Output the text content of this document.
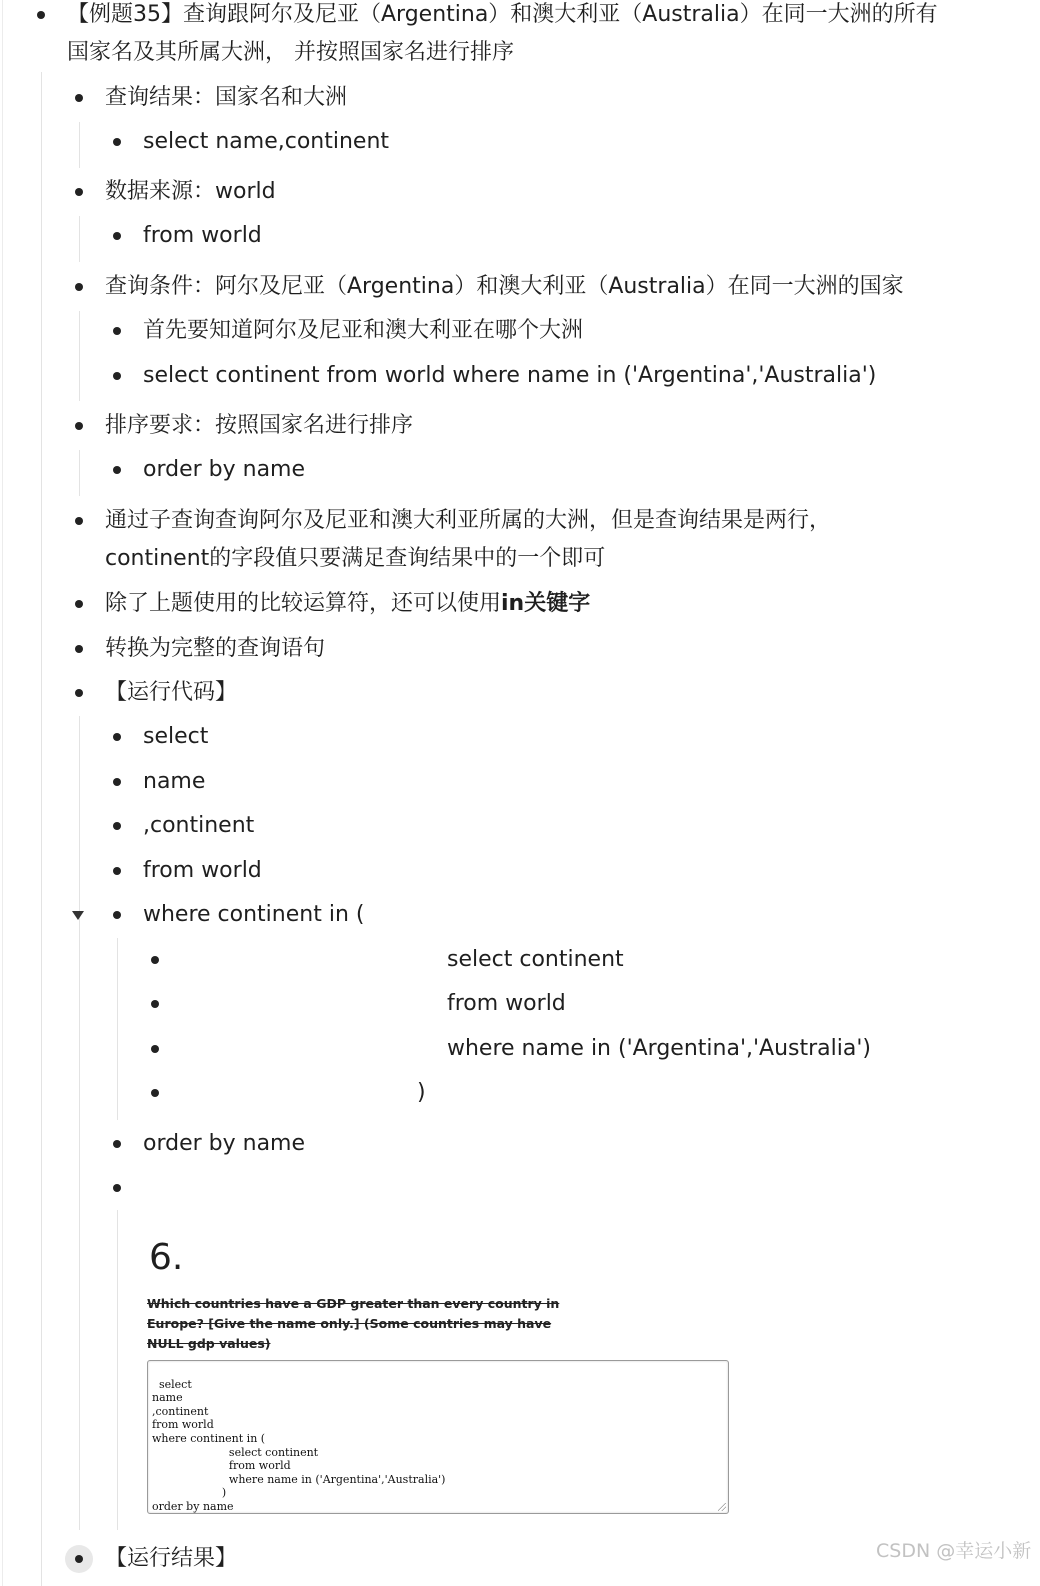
【例题35】查询跟阿尔及尼亚（Argentina）和澳大利亚（Australia）在同一大洲的所有
国家名及其所属大洲， 并按照国家名进行排序
查询结果：国家名和大洲
select name,continent
数据来源：world
from world
查询条件：阿尔及尼亚（Argentina）和澳大利亚（Australia）在同一大洲的国家
首先要知道阿尔及尼亚和澳大利亚在哪个大洲
select continent from world where name in ('Argentina','Australia')
排序要求：按照国家名进行排序
order by name
通过子查询查询阿尔及尼亚和澳大利亚所属的大洲，但是查询结果是两行，
continent的字段值只要满足查询结果中的一个即可
除了上题使用的比较运算符，还可以使用in关键字
转换为完整的查询语句
【运行代码】
select
name
,continent
from world
where continent in (
select continent
from world
where name in ('Argentina','Australia')
)
order by name
6.
Which countries have a GDP greater than every country in
Europe? [Give the name only.] (Some countries may have
NULL gdp values)

select
name
,continent
from world
where continent in (
select continent
from world
where name in ('Argentina','Australia')
)
order by name

【运行结果】	CSDN @幸运小新
